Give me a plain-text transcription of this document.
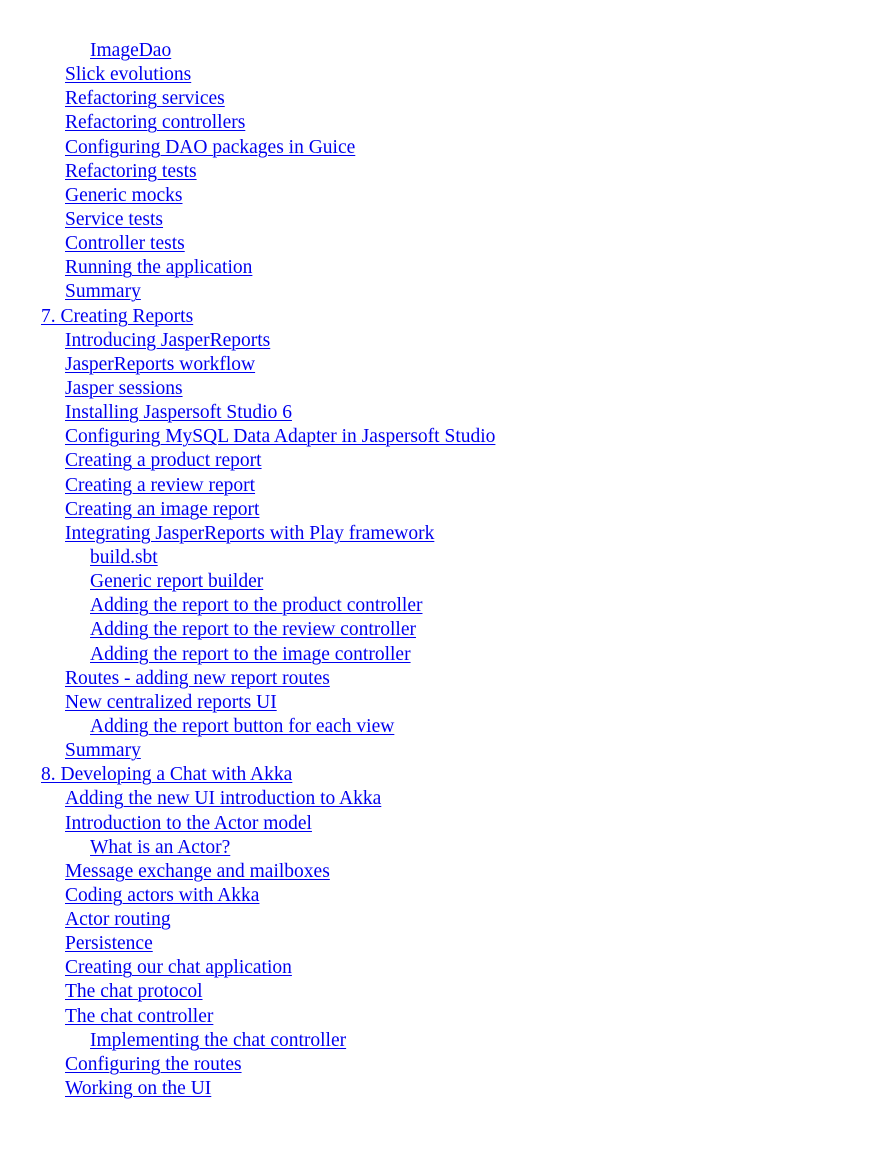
ImageDao
Slick evolutions
Refactoring services
Refactoring controllers
Configuring DAO packages in Guice
Refactoring tests
Generic mocks
Service tests
Controller tests
Running the application
Summary
7. Creating Reports
Introducing JasperReports
JasperReports workflow
Jasper sessions
Installing Jaspersoft Studio 6
Configuring MySQL Data Adapter in Jaspersoft Studio
Creating a product report
Creating a review report
Creating an image report
Integrating JasperReports with Play framework
build.sbt
Generic report builder
Adding the report to the product controller
Adding the report to the review controller
Adding the report to the image controller
Routes - adding new report routes
New centralized reports UI
Adding the report button for each view
Summary
8. Developing a Chat with Akka
Adding the new UI introduction to Akka
Introduction to the Actor model
What is an Actor?
Message exchange and mailboxes
Coding actors with Akka
Actor routing
Persistence
Creating our chat application
The chat protocol
The chat controller
Implementing the chat controller
Configuring the routes
Working on the UI
